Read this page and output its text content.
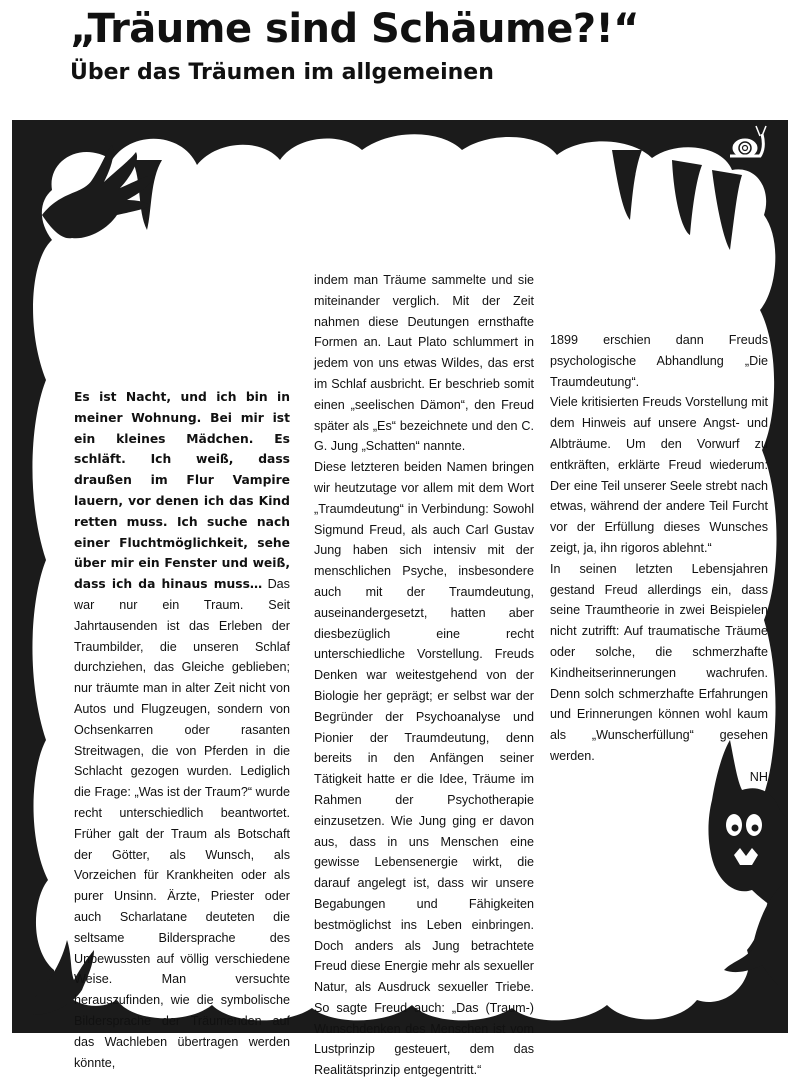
„Träume sind Schäume?!“
Über das Träumen im allgemeinen

Es ist Nacht, und ich bin in meiner Wohnung. Bei mir ist ein kleines Mädchen. Es schläft. Ich weiß, dass draußen im Flur Vampire lauern, vor denen ich das Kind retten muss. Ich suche nach einer Fluchtmöglichkeit, sehe über mir ein Fenster und weiß, dass ich da hinaus muss… Das war nur ein Traum. Seit Jahrtausenden ist das Erleben der Traumbilder, die unseren Schlaf durchziehen, das Gleiche geblieben; nur träumte man in alter Zeit nicht von Autos und Flugzeugen, sondern von Ochsenkarren oder rasanten Streitwagen, die von Pferden in die Schlacht gezogen wurden. Lediglich die Frage: „Was ist der Traum?“ wurde recht unterschiedlich beantwortet. Früher galt der Traum als Botschaft der Götter, als Wunsch, als Vorzeichen für Krankheiten oder als purer Unsinn. Ärzte, Priester oder auch Scharlatane deuteten die seltsame Bildersprache des Unbewussten auf völlig verschiedene Weise. Man versuchte herauszufinden, wie die symbolische Bildersprache der Träumenden auf das Wachleben übertragen werden könnte,

indem man Träume sammelte und sie miteinander verglich. Mit der Zeit nahmen diese Deutungen ernsthafte Formen an. Laut Plato schlummert in jedem von uns etwas Wildes, das erst im Schlaf ausbricht. Er beschrieb somit einen „seelischen Dämon“, den Freud später als „Es“ bezeichnete und den C. G. Jung „Schatten“ nannte.

Diese letzteren beiden Namen bringen wir heutzutage vor allem mit dem Wort „Traumdeutung“ in Verbindung: Sowohl Sigmund Freud, als auch Carl Gustav Jung haben sich intensiv mit der menschlichen Psyche, insbesondere auch mit der Traumdeutung, auseinandergesetzt, hatten aber diesbezüglich eine recht unterschiedliche Vorstellung. Freuds Denken war weitestgehend von der Biologie her geprägt; er selbst war der Begründer der Psychoanalyse und Pionier der Traumdeutung, denn bereits in den Anfängen seiner Tätigkeit hatte er die Idee, Träume im Rahmen der Psychotherapie einzusetzen. Wie Jung ging er davon aus, dass in uns Menschen eine gewisse Lebensenergie wirkt, die darauf angelegt ist, dass wir unsere Begabungen und Fähigkeiten bestmöglichst ins Leben einbringen. Doch anders als Jung betrachtete Freud diese Energie mehr als sexueller Natur, als Ausdruck sexueller Triebe. So sagte Freud auch: „Das (Traum-) Wunschdenken des Menschen ist vom Lustprinzip gesteuert, dem das Realitätsprinzip entgegentritt.“

1899 erschien dann Freuds psychologische Abhandlung „Die Traumdeutung“.

Viele kritisierten Freuds Vorstellung mit dem Hinweis auf unsere Angst- und Albträume. Um den Vorwurf zu entkräften, erklärte Freud wiederum: Der eine Teil unserer Seele strebt nach etwas, während der andere Teil Furcht vor der Erfüllung dieses Wunsches zeigt, ja, ihn rigoros ablehnt.“

In seinen letzten Lebensjahren gestand Freud allerdings ein, dass seine Traumtheorie in zwei Beispielen nicht zutrifft: Auf traumatische Träume oder solche, die schmerzhafte Kindheitserinnerungen wachrufen. Denn solch schmerzhafte Erfahrungen und Erinnerungen können wohl kaum als „Wunscherfüllung“ gesehen werden.

NH
